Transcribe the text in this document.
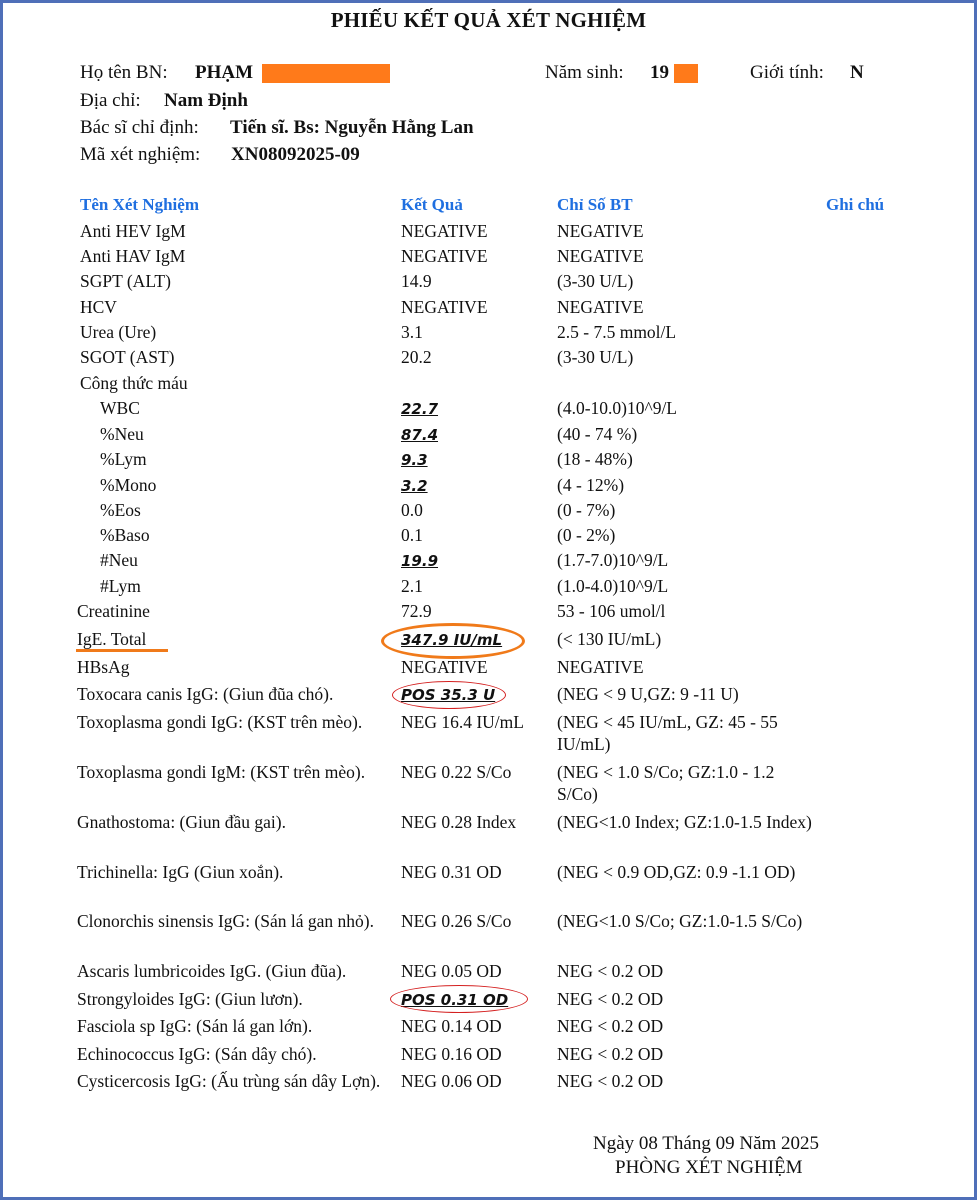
PHIẾU KẾT QUẢ XÉT NGHIỆM
Họ tên BN: PHẠM	Năm sinh: 19	Giới tính: N
Địa chỉ: Nam Định
Bác sĩ chỉ định: Tiến sĩ. Bs: Nguyễn Hằng Lan
Mã xét nghiệm: XN08092025-09
Tên Xét Nghiệm	Kết Quả	Chỉ Số BT	Ghi chú
Anti HEV IgM	NEGATIVE	NEGATIVE
Anti HAV IgM	NEGATIVE	NEGATIVE
SGPT (ALT)	14.9	(3-30 U/L)
HCV	NEGATIVE	NEGATIVE
Urea (Ure)	3.1	2.5 - 7.5 mmol/L
SGOT (AST)	20.2	(3-30 U/L)
Công thức máu
WBC	22.7	(4.0-10.0)10^9/L
%Neu	87.4	(40 - 74 %)
%Lym	9.3	(18 - 48%)
%Mono	3.2	(4 - 12%)
%Eos	0.0	(0 - 7%)
%Baso	0.1	(0 - 2%)
#Neu	19.9	(1.7-7.0)10^9/L
#Lym	2.1	(1.0-4.0)10^9/L
Creatinine	72.9	53 - 106 umol/l
IgE. Total	347.9 IU/mL	(< 130 IU/mL)
HBsAg	NEGATIVE	NEGATIVE
Toxocara canis IgG: (Giun đũa chó).	POS 35.3 U	(NEG < 9 U,GZ: 9 -11 U)
Toxoplasma gondi IgG: (KST trên mèo).	NEG 16.4 IU/mL	(NEG < 45 IU/mL, GZ: 45 - 55 IU/mL)
Toxoplasma gondi IgM: (KST trên mèo).	NEG 0.22 S/Co	(NEG < 1.0 S/Co; GZ:1.0 - 1.2 S/Co)
Gnathostoma: (Giun đầu gai).	NEG 0.28 Index	(NEG<1.0 Index; GZ:1.0-1.5 Index)
Trichinella: IgG (Giun xoắn).	NEG 0.31 OD	(NEG < 0.9 OD,GZ: 0.9 -1.1 OD)
Clonorchis sinensis IgG: (Sán lá gan nhỏ).	NEG 0.26 S/Co	(NEG<1.0 S/Co; GZ:1.0-1.5 S/Co)
Ascaris lumbricoides IgG. (Giun đũa).	NEG 0.05 OD	NEG < 0.2 OD
Strongyloides IgG: (Giun lươn).	POS 0.31 OD	NEG < 0.2 OD
Fasciola sp IgG: (Sán lá gan lớn).	NEG 0.14 OD	NEG < 0.2 OD
Echinococcus IgG: (Sán dây chó).	NEG 0.16 OD	NEG < 0.2 OD
Cysticercosis IgG: (Ấu trùng sán dây Lợn).	NEG 0.06 OD	NEG < 0.2 OD
Ngày 08 Tháng 09 Năm 2025
PHÒNG XÉT NGHIỆM
